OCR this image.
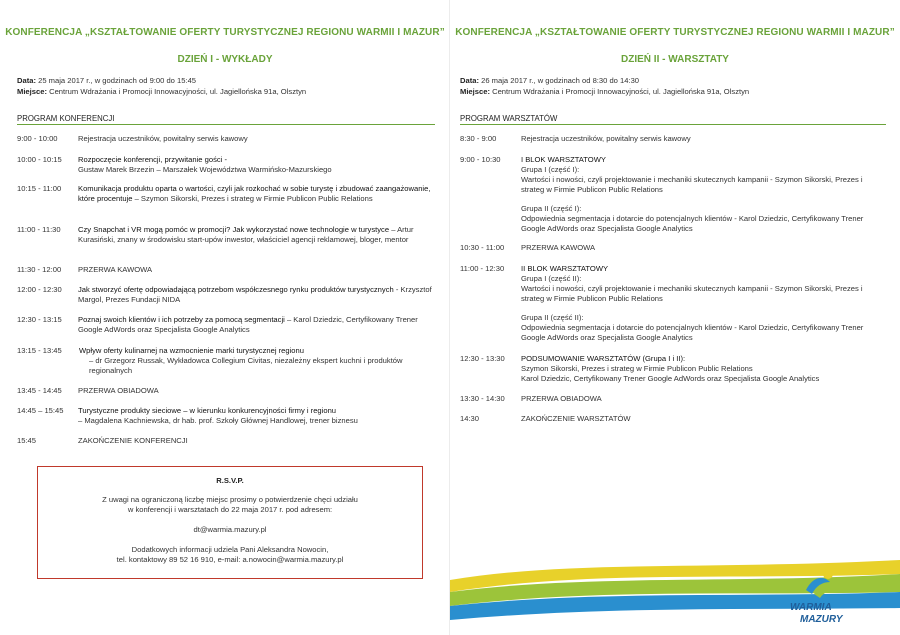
KONFERENCJA „KSZTAŁTOWANIE OFERTY TURYSTYCZNEJ REGIONU WARMII I MAZUR”
DZIEŃ I - WYKŁADY
Data: 25 maja 2017 r., w godzinach od 9:00 do 15:45
Miejsce: Centrum Wdrażania i Promocji Innowacyjności, ul. Jagiellońska 91a, Olsztyn
PROGRAM KONFERENCJI
9:00 - 10:00	Rejestracja uczestników, powitalny serwis kawowy
10:00 - 10:15	Rozpoczęcie konferencji, przywitanie gości -
Gustaw Marek Brzezin – Marszałek Województwa Warmińsko-Mazurskiego
10:15 - 11:00	Komunikacja produktu oparta o wartości, czyli jak rozkochać w sobie turystę i zbudować zaangażowanie, które procentuje – Szymon Sikorski, Prezes i strateg w Firmie Publicon Public Relations
11:00 - 11:30	Czy Snapchat i VR mogą pomóc w promocji? Jak wykorzystać nowe technologie w turystyce – Artur Kurasiński, znany w środowisku start-upów inwestor, właściciel agencji reklamowej, bloger, mentor
11:30 - 12:00	PRZERWA KAWOWA
12:00 - 12:30	Jak stworzyć ofertę odpowiadającą potrzebom współczesnego rynku produktów turystycznych - Krzysztof Margol, Prezes Fundacji NIDA
12:30 - 13:15	Poznaj swoich klientów i ich potrzeby za pomocą segmentacji – Karol Dziedzic, Certyfikowany Trener Google AdWords oraz Specjalista Google Analytics
13:15 - 13:45	Wpływ oferty kulinarnej na wzmocnienie marki turystycznej regionu
– dr Grzegorz Russak, Wykładowca Collegium Civitas, niezależny ekspert kuchni i produktów regionalnych
13:45 - 14:45	PRZERWA OBIADOWA
14:45 – 15:45	Turystyczne produkty sieciowe – w kierunku konkurencyjności firmy i regionu
– Magdalena Kachniewska, dr hab. prof. Szkoły Głównej Handlowej, trener biznesu
15:45	ZAKOŃCZENIE KONFERENCJI

R.S.V.P.

Z uwagi na ograniczoną liczbę miejsc prosimy o potwierdzenie chęci udziału

w konferencji i warsztatach do 22 maja 2017 r. pod adresem:

dt@warmia.mazury.pl

Dodatkowych informacji udziela Pani Aleksandra Nowocin,

tel. kontaktowy 89 52 16 910, e-mail: a.nowocin@warmia.mazury.pl

KONFERENCJA „KSZTAŁTOWANIE OFERTY TURYSTYCZNEJ REGIONU WARMII I MAZUR”
DZIEŃ II - WARSZTATY
Data: 26 maja 2017 r., w godzinach od 8:30 do 14:30
Miejsce: Centrum Wdrażania i Promocji Innowacyjności, ul. Jagiellońska 91a, Olsztyn
PROGRAM WARSZTATÓW
8:30 - 9:00	Rejestracja uczestników, powitalny serwis kawowy
9:00 - 10:30	I BLOK WARSZTATOWY
Grupa I (część I):
Wartości i nowości, czyli projektowanie i mechaniki skutecznych kampanii - Szymon Sikorski, Prezes i strateg w Firmie Publicon Public Relations
Grupa II (część I):
Odpowiednia segmentacja i dotarcie do potencjalnych klientów - Karol Dziedzic, Certyfikowany Trener Google AdWords oraz Specjalista Google Analytics
10:30 - 11:00	PRZERWA KAWOWA
11:00 - 12:30	II BLOK WARSZTATOWY
Grupa I (część II):
Wartości i nowości, czyli projektowanie i mechaniki skutecznych kampanii - Szymon Sikorski, Prezes i strateg w Firmie Publicon Public Relations
Grupa II (część II):
Odpowiednia segmentacja i dotarcie do potencjalnych klientów - Karol Dziedzic, Certyfikowany Trener Google AdWords oraz Specjalista Google Analytics
12:30 - 13:30	PODSUMOWANIE WARSZTATÓW (Grupa I i II):
Szymon Sikorski, Prezes i strateg w Firmie Publicon Public Relations
Karol Dziedzic, Certyfikowany Trener Google AdWords oraz Specjalista Google Analytics
13:30 - 14:30	PRZERWA OBIADOWA
14:30	ZAKOŃCZENIE WARSZTATÓW
WARMIA
MAZURY
